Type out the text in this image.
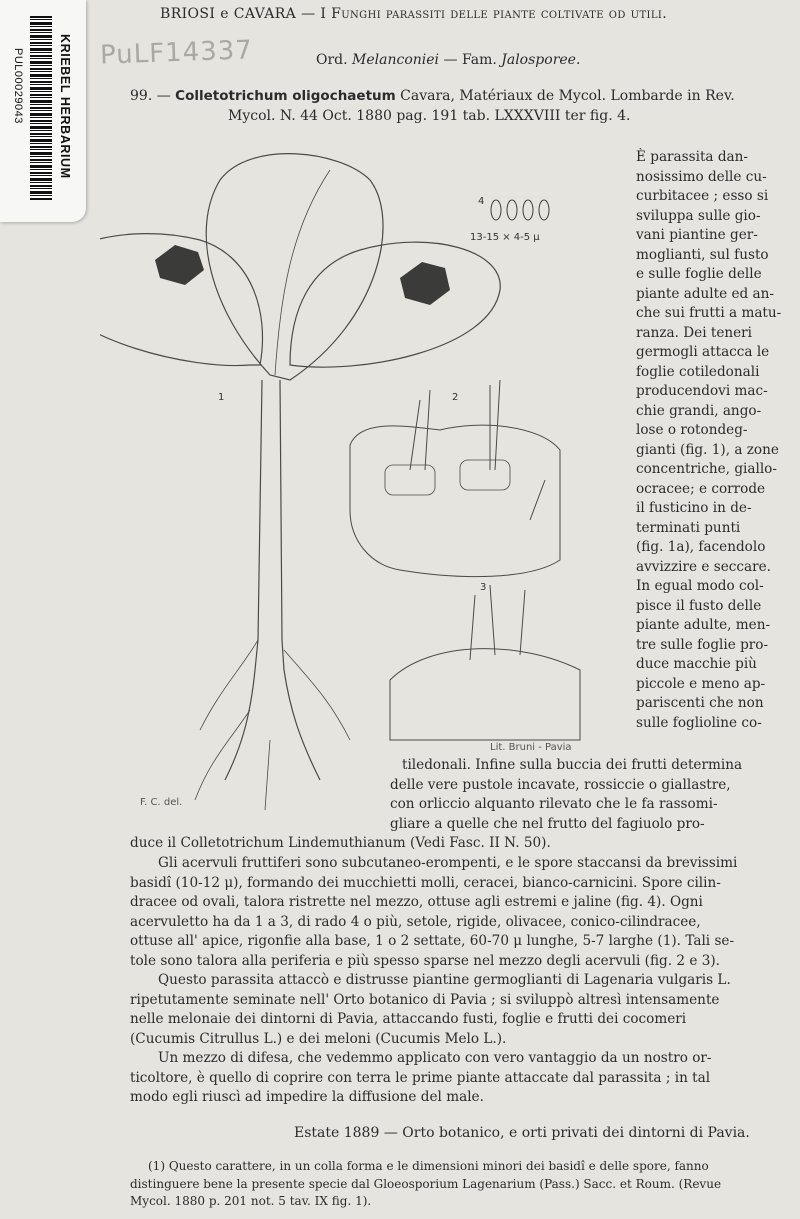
KRIEBEL HERBARIUM
PUL00029043	PuLF14337
BRIOSI e CAVARA — I Funghi parassiti delle piante coltivate od utili.
Ord. Melanconiei — Fam. Jalosporee.
99. — Colletotrichum oligochaetum Cavara, Matériaux de Mycol. Lombarde in Rev.
Mycol. N. 44 Oct. 1880 pag. 191 tab. LXXXVIII ter fig. 4.
1	2
3
4
13-15 × 4-5 μ
F. C. del.
Lit. Bruni - Pavia
È parassita dan-
nosissimo delle cu-
curbitacee ; esso si
sviluppa sulle gio-
vani piantine ger-
moglianti, sul fusto
e sulle foglie delle
piante adulte ed an-
che sui frutti a matu-
ranza. Dei teneri
germogli attacca le
foglie cotiledonali
producendovi mac-
chie grandi, ango-
lose o rotondeg-
gianti (fig. 1), a zone
concentriche, giallo-
ocracee; e corrode
il fusticino in de-
terminati punti
(fig. 1a), facendolo
avvizzire e seccare.
In egual modo col-
pisce il fusto delle
piante adulte, men-
tre sulle foglie pro-
duce macchie più
piccole e meno ap-
pariscenti che non
sulle foglioline co-
tiledonali. Infine sulla buccia dei frutti determina
delle vere pustole incavate, rossiccie o giallastre,
con orliccio alquanto rilevato che le fa rassomi-
gliare a quelle che nel frutto del fagiuolo pro-
duce il Colletotrichum Lindemuthianum (Vedi Fasc. II N. 50).
Gli acervuli fruttiferi sono subcutaneo-erompenti, e le spore staccansi da brevissimi
basidî (10-12 μ), formando dei mucchietti molli, ceracei, bianco-carnicini. Spore cilin-
dracee od ovali, talora ristrette nel mezzo, ottuse agli estremi e jaline (fig. 4). Ogni
acervuletto ha da 1 a 3, di rado 4 o più, setole, rigide, olivacee, conico-cilindracee,
ottuse all' apice, rigonfie alla base, 1 o 2 settate, 60-70 μ lunghe, 5-7 larghe (1). Tali se-
tole sono talora alla periferia e più spesso sparse nel mezzo degli acervuli (fig. 2 e 3).
Questo parassita attaccò e distrusse piantine germoglianti di Lagenaria vulgaris L.
ripetutamente seminate nell' Orto botanico di Pavia ; si sviluppò altresì intensamente
nelle melonaie dei dintorni di Pavia, attaccando fusti, foglie e frutti dei cocomeri
(Cucumis Citrullus L.) e dei meloni (Cucumis Melo L.).
Un mezzo di difesa, che vedemmo applicato con vero vantaggio da un nostro or-
ticoltore, è quello di coprire con terra le prime piante attaccate dal parassita ; in tal
modo egli riuscì ad impedire la diffusione del male.
Estate 1889 — Orto botanico, e orti privati dei dintorni di Pavia.
(1) Questo carattere, in un colla forma e le dimensioni minori dei basidî e delle spore, fanno
distinguere bene la presente specie dal Gloeosporium Lagenarium (Pass.) Sacc. et Roum. (Revue
Mycol. 1880 p. 201 not. 5 tav. IX fig. 1).
